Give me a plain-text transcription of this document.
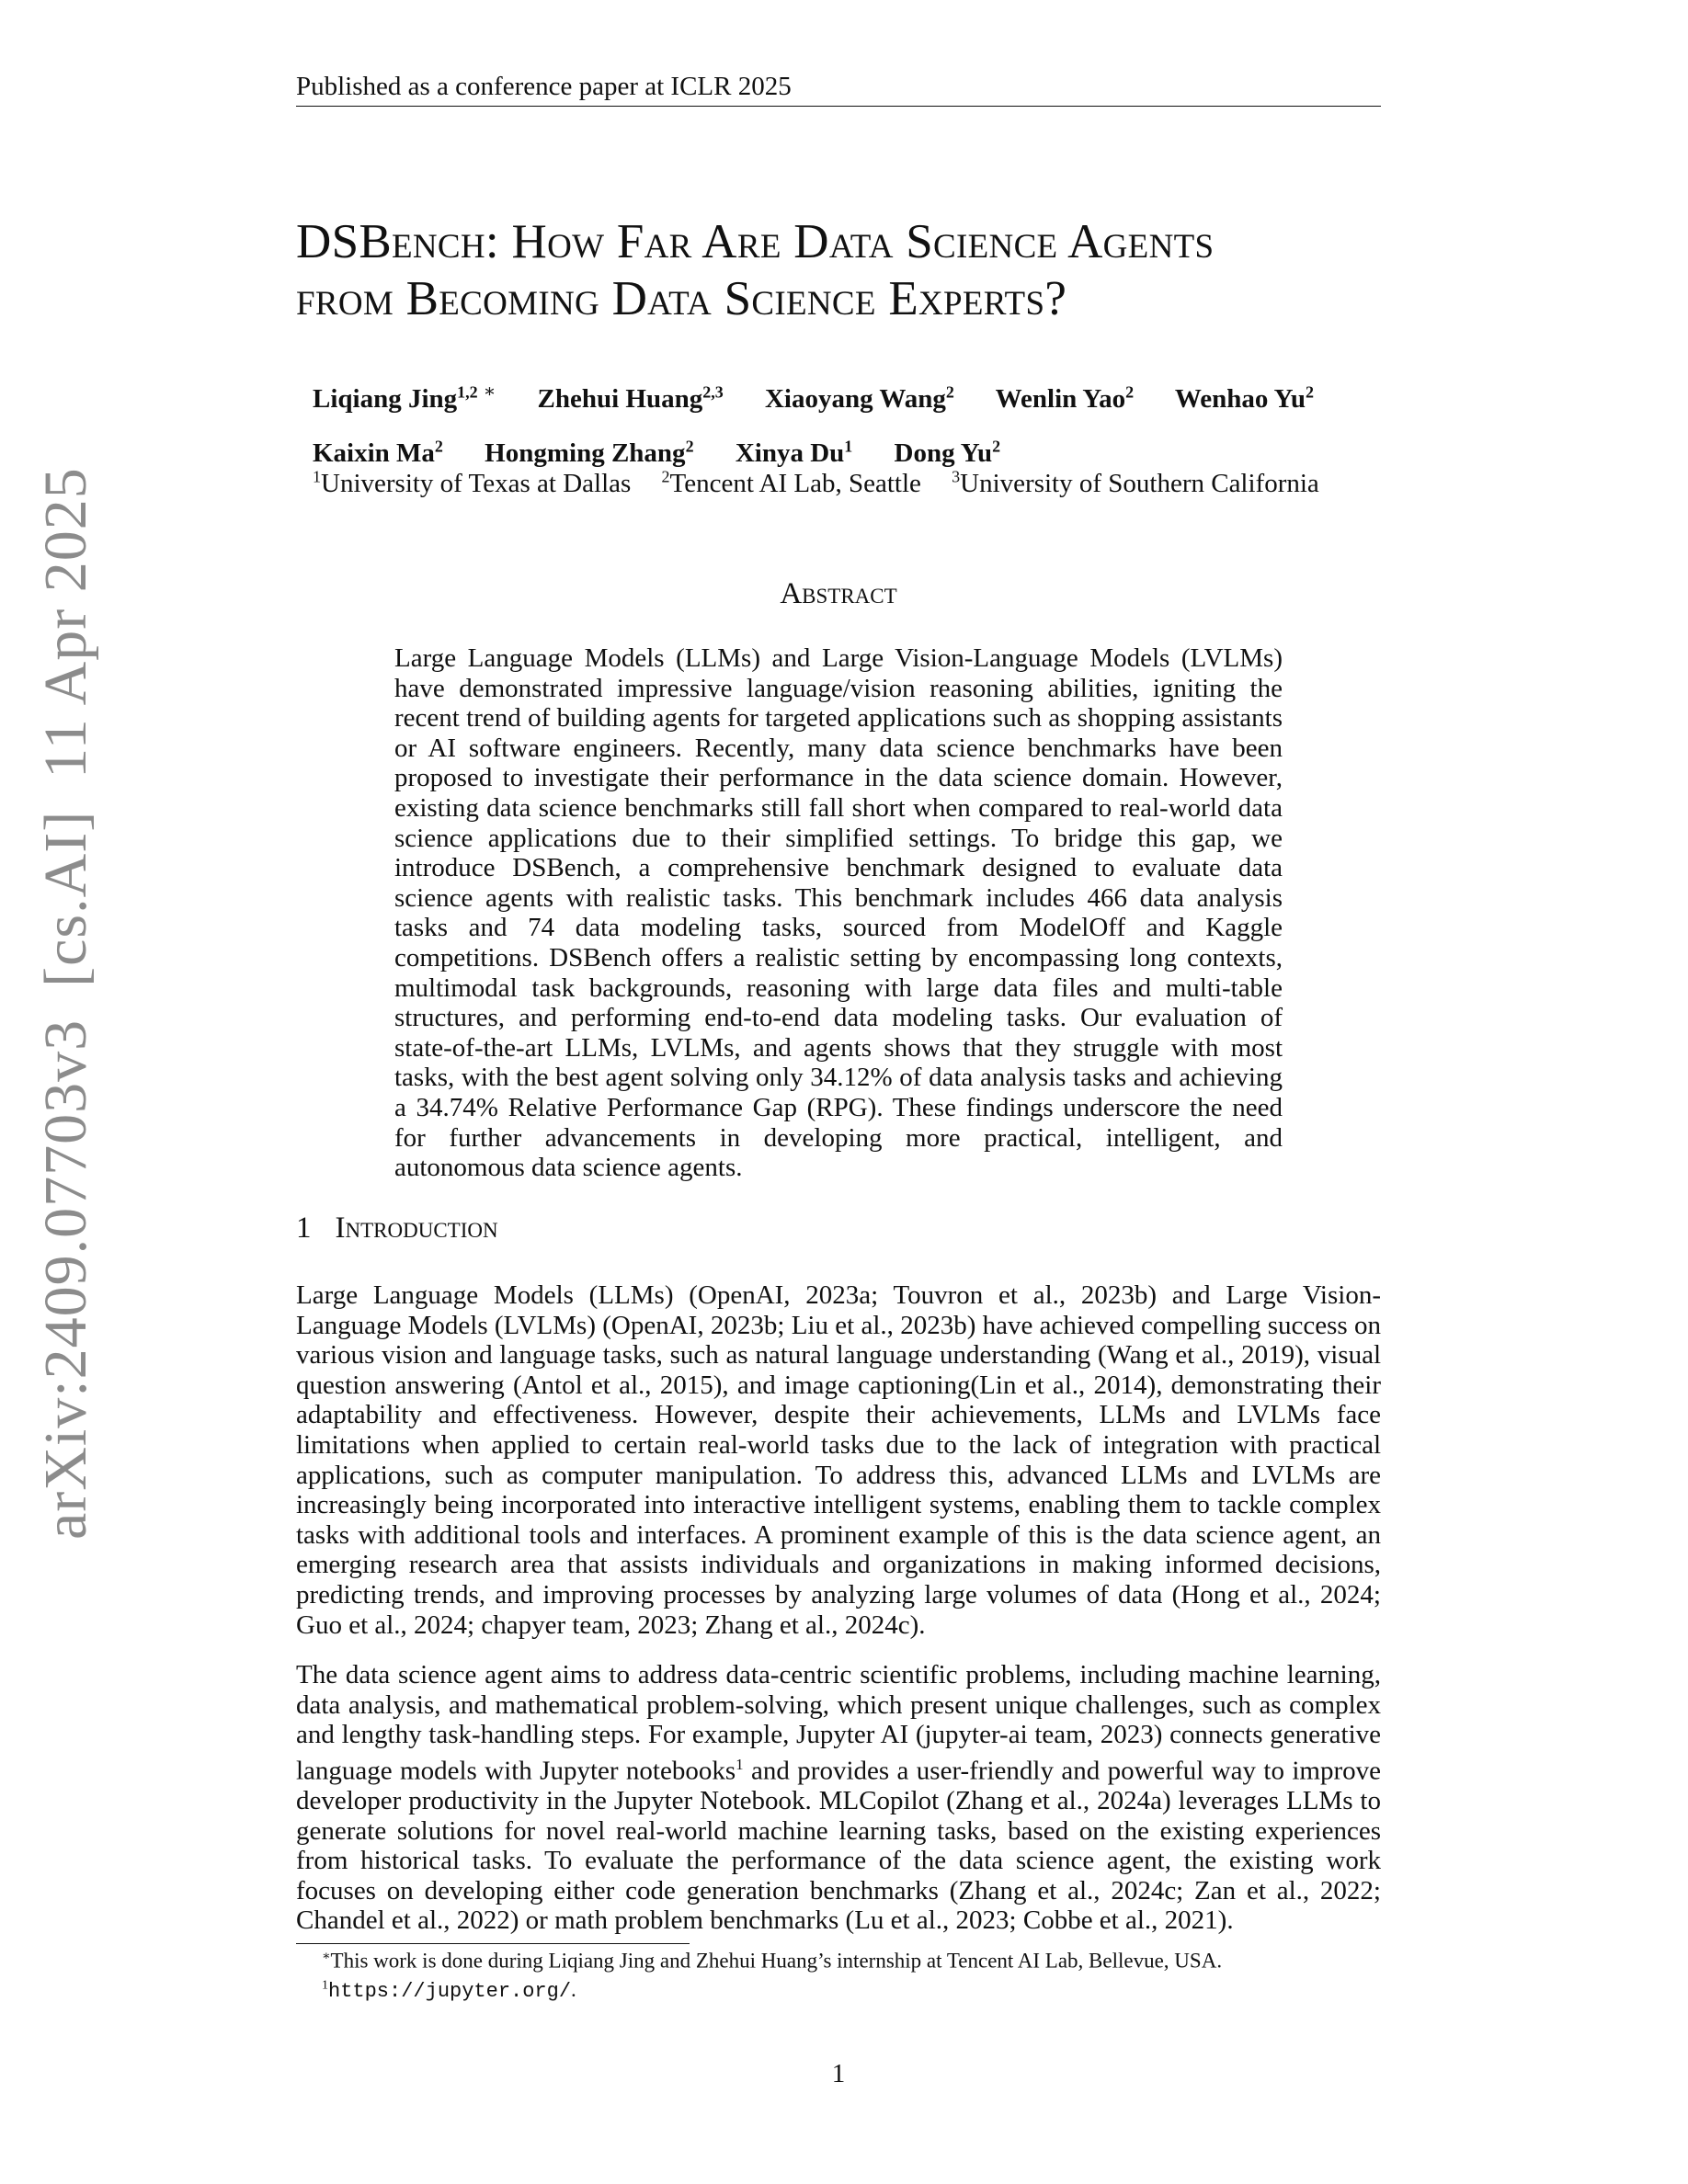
Published as a conference paper at ICLR 2025
arXiv:2409.07703v3  [cs.AI]  11 Apr 2025
DSBench: How Far Are Data Science Agents
from Becoming Data Science Experts?
Liqiang Jing$^{1,2}$ ∗ Zhehui Huang$^{2,3}$ Xiaoyang Wang$^2$ Wenlin Yao$^2$ Wenhao Yu$^2$
Kaixin Ma$^2$ Hongming Zhang$^2$ Xinya Du$^1$ Dong Yu$^2$
$^1$University of Texas at Dallas $^2$Tencent AI Lab, Seattle $^3$University of Southern California
Abstract
Large Language Models (LLMs) and Large Vision-Language Models (LVLMs) have demonstrated impressive language/vision reasoning abilities, igniting the recent trend of building agents for targeted applications such as shopping assistants or AI software engineers. Recently, many data science benchmarks have been proposed to investigate their performance in the data science domain. However, existing data science benchmarks still fall short when compared to real-world data science applications due to their simplified settings. To bridge this gap, we introduce DSBench, a comprehensive benchmark designed to evaluate data science agents with realistic tasks. This benchmark includes 466 data analysis tasks and 74 data modeling tasks, sourced from ModelOff and Kaggle competitions. DSBench offers a realistic setting by encompassing long contexts, multimodal task backgrounds, reasoning with large data files and multi-table structures, and performing end-to-end data modeling tasks. Our evaluation of state-of-the-art LLMs, LVLMs, and agents shows that they struggle with most tasks, with the best agent solving only 34.12% of data analysis tasks and achieving a 34.74% Relative Performance Gap (RPG). These findings underscore the need for further advancements in developing more practical, intelligent, and autonomous data science agents.
1 Introduction
Large Language Models (LLMs) (OpenAI, 2023a; Touvron et al., 2023b) and Large Vision-Language Models (LVLMs) (OpenAI, 2023b; Liu et al., 2023b) have achieved compelling success on various vision and language tasks, such as natural language understanding (Wang et al., 2019), visual question answering (Antol et al., 2015), and image captioning(Lin et al., 2014), demonstrating their adaptability and effectiveness. However, despite their achievements, LLMs and LVLMs face limitations when applied to certain real-world tasks due to the lack of integration with practical applications, such as computer manipulation. To address this, advanced LLMs and LVLMs are increasingly being incorporated into interactive intelligent systems, enabling them to tackle complex tasks with additional tools and interfaces. A prominent example of this is the data science agent, an emerging research area that assists individuals and organizations in making informed decisions, predicting trends, and improving processes by analyzing large volumes of data (Hong et al., 2024; Guo et al., 2024; chapyer team, 2023; Zhang et al., 2024c).
The data science agent aims to address data-centric scientific problems, including machine learning, data analysis, and mathematical problem-solving, which present unique challenges, such as complex and lengthy task-handling steps. For example, Jupyter AI (jupyter-ai team, 2023) connects generative language models with Jupyter notebooks$^1$ and provides a user-friendly and powerful way to improve developer productivity in the Jupyter Notebook. MLCopilot (Zhang et al., 2024a) leverages LLMs to generate solutions for novel real-world machine learning tasks, based on the existing experiences from historical tasks. To evaluate the performance of the data science agent, the existing work focuses on developing either code generation benchmarks (Zhang et al., 2024c; Zan et al., 2022; Chandel et al., 2022) or math problem benchmarks (Lu et al., 2023; Cobbe et al., 2021).
∗This work is done during Liqiang Jing and Zhehui Huang’s internship at Tencent AI Lab, Bellevue, USA.
$^1$https://jupyter.org/.
1
